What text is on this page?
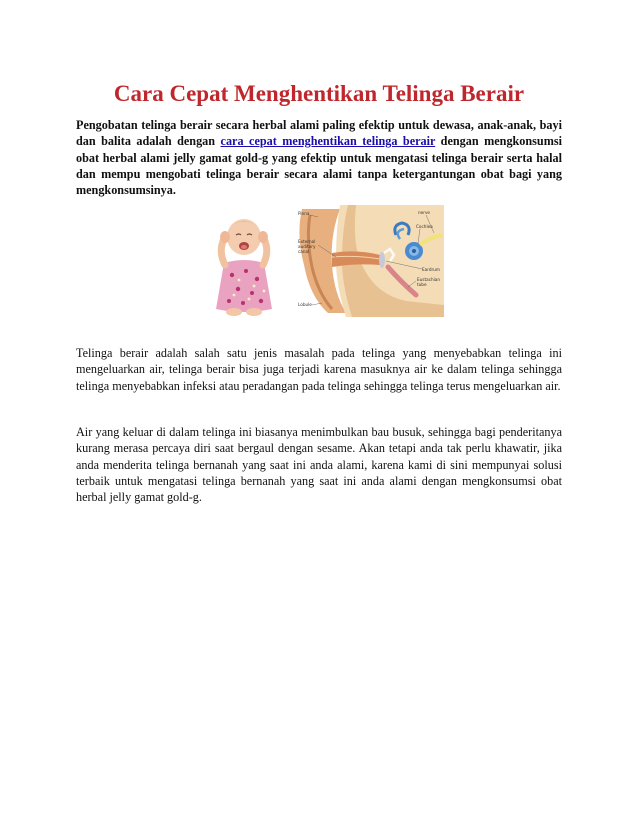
Cara Cepat Menghentikan Telinga Berair

Pengobatan telinga berair secara herbal alami paling efektip untuk dewasa, anak-anak, bayi dan balita adalah dengan cara cepat menghentikan telinga berair dengan mengkonsumsi obat herbal alami jelly gamat gold-g yang efektip untuk mengatasi telinga berair serta halal dan mempu mengobati telinga berair secara alami tanpa ketergantungan obat bagi yang mengkonsumsinya.

Pinna	nerve
Cochlea
External
auditory
canal
Eardrum
Eustachian
tube
Lobule

Telinga berair adalah salah satu jenis masalah pada telinga yang menyebabkan telinga ini mengeluarkan air, telinga berair bisa juga terjadi karena masuknya air ke dalam telinga sehingga telinga menyebabkan infeksi atau peradangan pada telinga sehingga telinga terus mengeluarkan air.

Air yang keluar di dalam telinga ini biasanya menimbulkan bau busuk, sehingga bagi penderitanya kurang merasa percaya diri saat bergaul dengan sesame. Akan tetapi anda tak perlu khawatir, jika anda menderita telinga bernanah yang saat ini anda alami, karena kami di sini mempunyai solusi terbaik untuk mengatasi telinga bernanah yang saat ini anda alami dengan mengkonsumsi obat herbal jelly gamat gold-g.
